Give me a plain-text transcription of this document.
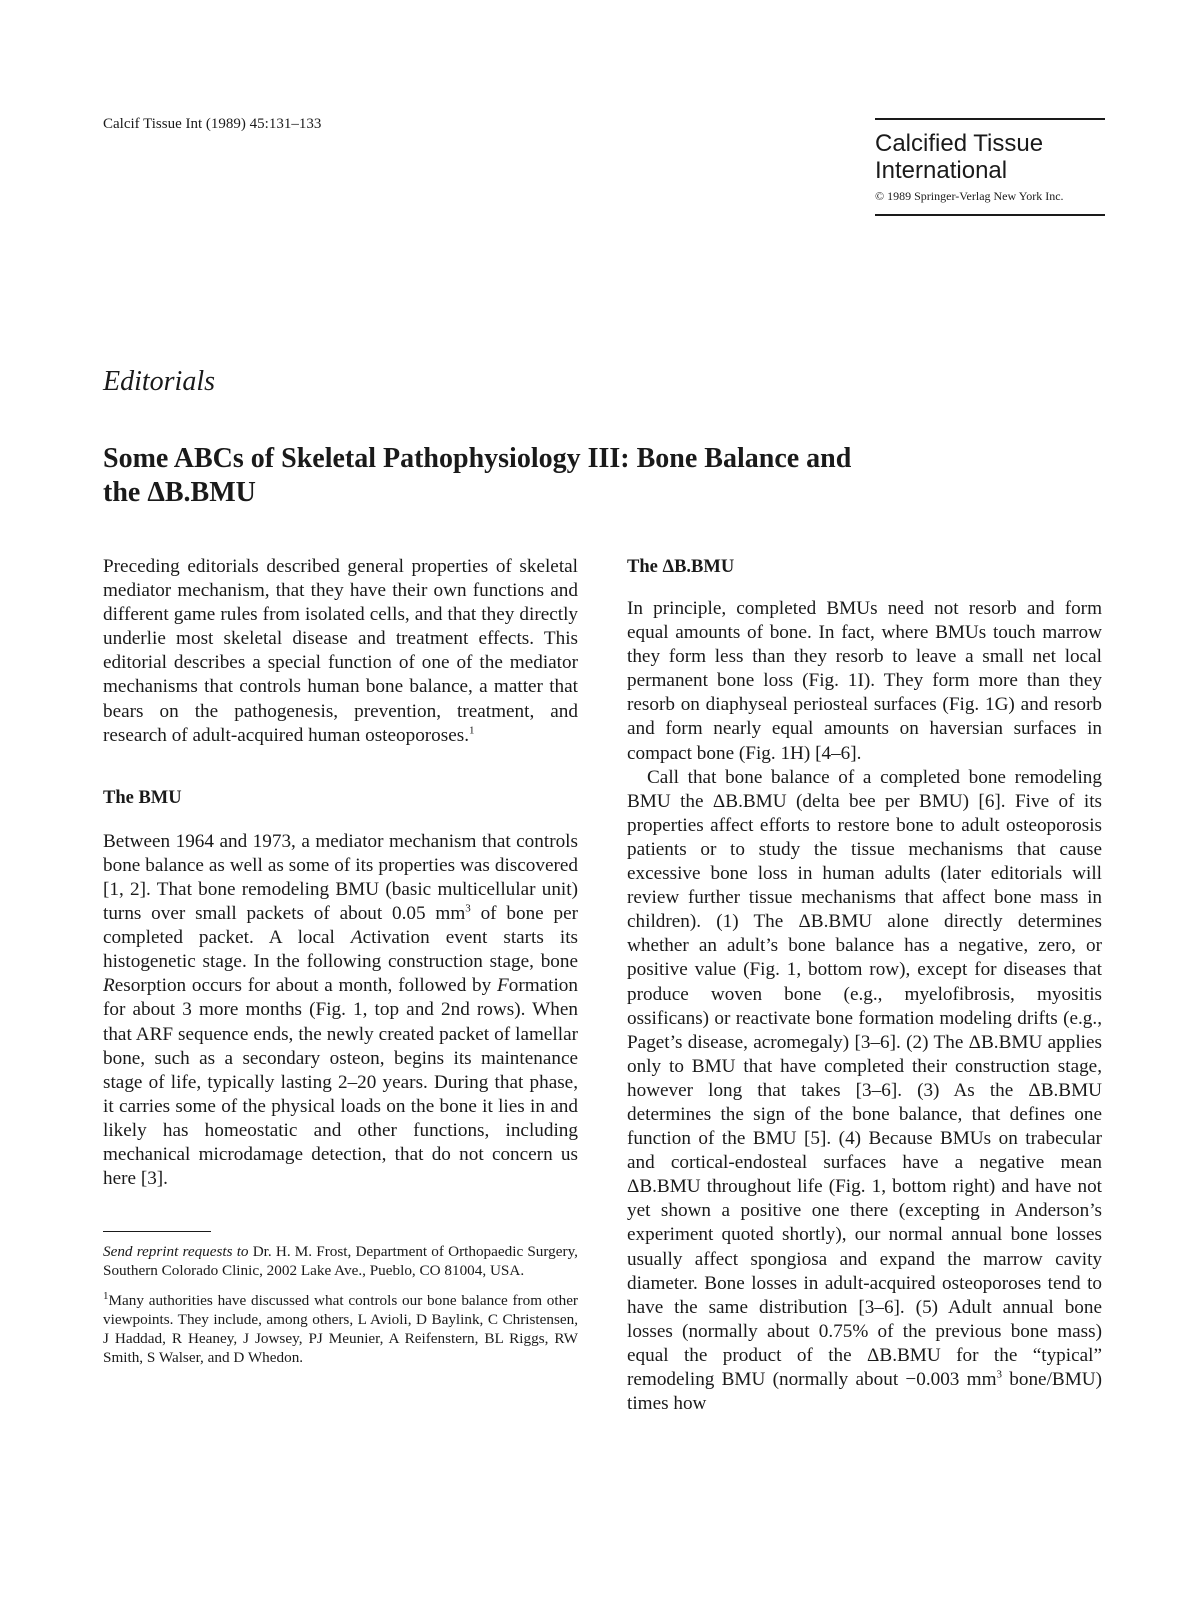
Calcif Tissue Int (1989) 45:131–133
Calcified Tissue
International
© 1989 Springer-Verlag New York Inc.
Editorials
Some ABCs of Skeletal Pathophysiology III: Bone Balance and
the ΔB.BMU

Preceding editorials described general properties of skeletal mediator mechanism, that they have their own functions and different game rules from isolated cells, and that they directly underlie most skeletal disease and treatment effects. This editorial describes a special function of one of the mediator mechanisms that controls human bone balance, a matter that bears on the pathogenesis, prevention, treatment, and research of adult-acquired human osteoporoses.$^1$

The BMU

Between 1964 and 1973, a mediator mechanism that controls bone balance as well as some of its properties was discovered [1, 2]. That bone remodeling BMU (basic multicellular unit) turns over small packets of about 0.05 $mm^3$ of bone per completed packet. A local Activation event starts its histogenetic stage. In the following construction stage, bone Resorption occurs for about a month, followed by Formation for about 3 more months (Fig. 1, top and 2nd rows). When that ARF sequence ends, the newly created packet of lamellar bone, such as a secondary osteon, begins its maintenance stage of life, typically lasting 2–20 years. During that phase, it carries some of the physical loads on the bone it lies in and likely has homeostatic and other functions, including mechanical microdamage detection, that do not concern us here [3].

Send reprint requests to Dr. H. M. Frost, Department of Orthopaedic Surgery, Southern Colorado Clinic, 2002 Lake Ave., Pueblo, CO 81004, USA.

$^1$Many authorities have discussed what controls our bone balance from other viewpoints. They include, among others, L Avioli, D Baylink, C Christensen, J Haddad, R Heaney, J Jowsey, PJ Meunier, A Reifenstern, BL Riggs, RW Smith, S Walser, and D Whedon.

The ΔB.BMU

In principle, completed BMUs need not resorb and form equal amounts of bone. In fact, where BMUs touch marrow they form less than they resorb to leave a small net local permanent bone loss (Fig. 1I). They form more than they resorb on diaphyseal periosteal surfaces (Fig. 1G) and resorb and form nearly equal amounts on haversian surfaces in compact bone (Fig. 1H) [4–6].

Call that bone balance of a completed bone remodeling BMU the ΔB.BMU (delta bee per BMU) [6]. Five of its properties affect efforts to restore bone to adult osteoporosis patients or to study the tissue mechanisms that cause excessive bone loss in human adults (later editorials will review further tissue mechanisms that affect bone mass in children). (1) The ΔB.BMU alone directly determines whether an adult’s bone balance has a negative, zero, or positive value (Fig. 1, bottom row), except for diseases that produce woven bone (e.g., myelofibrosis, myositis ossificans) or reactivate bone formation modeling drifts (e.g., Paget’s disease, acromegaly) [3–6]. (2) The ΔB.BMU applies only to BMU that have completed their construction stage, however long that takes [3–6]. (3) As the ΔB.BMU determines the sign of the bone balance, that defines one function of the BMU [5]. (4) Because BMUs on trabecular and cortical-endosteal surfaces have a negative mean ΔB.BMU throughout life (Fig. 1, bottom right) and have not yet shown a positive one there (excepting in Anderson’s experiment quoted shortly), our normal annual bone losses usually affect spongiosa and expand the marrow cavity diameter. Bone losses in adult-acquired osteoporoses tend to have the same distribution [3–6]. (5) Adult annual bone losses (normally about 0.75% of the previous bone mass) equal the product of the ΔB.BMU for the “typical” remodeling BMU (normally about −0.003 $mm^3$ bone/BMU) times how
